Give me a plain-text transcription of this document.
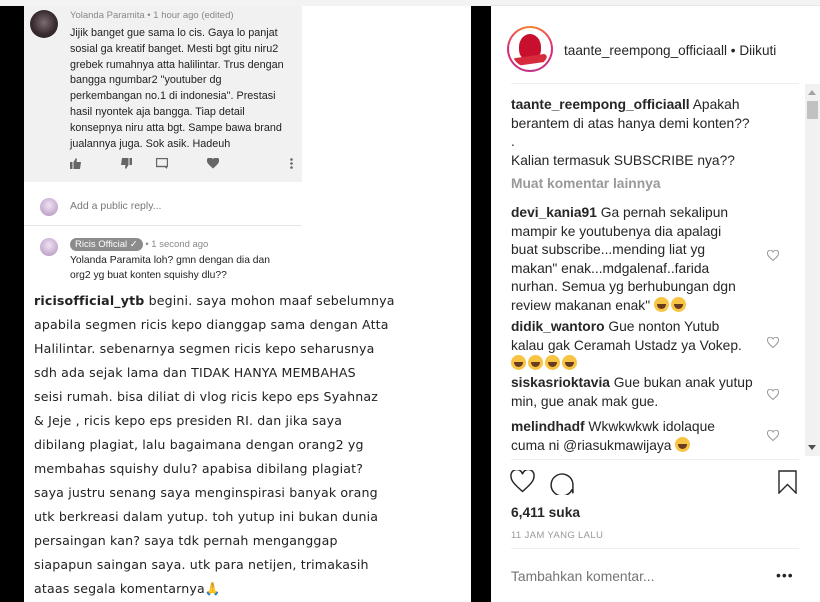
Yolanda Paramita • 1 hour ago (edited)
Jijik banget gue sama lo cis. Gaya lo panjat
sosial ga kreatif banget. Mesti bgt gitu niru2
grebek rumahnya atta halilintar. Trus dengan
bangga ngumbar2 "youtuber dg
perkembangan no.1 di indonesia". Prestasi
hasil nyontek aja bangga. Tiap detail
konsepnya niru atta bgt. Sampe bawa brand
jualannya juga. Sok asik. Hadeuh
Add a public reply...
Ricis Official ✓ • 1 second ago
Yolanda Paramita loh? gmn dengan dia dan
org2 yg buat konten squishy dlu??
ricisofficial_ytb begini. saya mohon maaf sebelumnya
apabila segmen ricis kepo dianggap sama dengan Atta
Halilintar. sebenarnya segmen ricis kepo seharusnya
sdh ada sejak lama dan TIDAK HANYA MEMBAHAS
seisi rumah. bisa diliat di vlog ricis kepo eps Syahnaz
& Jeje , ricis kepo eps presiden RI. dan jika saya
dibilang plagiat, lalu bagaimana dengan orang2 yg
membahas squishy dulu? apabisa dibilang plagiat?
saya justru senang saya menginspirasi banyak orang
utk berkreasi dalam yutup. toh yutup ini bukan dunia
persaingan kan? saya tdk pernah menganggap
siapapun saingan saya. utk para netijen, trimakasih
ataas segala komentarnya🙏
taante_reempong_officiaall • Diikuti
taante_reempong_officiaall Apakah
berantem di atas hanya demi konten??
.
Kalian termasuk SUBSCRIBE nya??
Muat komentar lainnya
devi_kania91 Ga pernah sekalipun
mampir ke youtubenya dia apalagi
buat subscribe...mending liat yg
makan" enak...mdgalenaf..farida
nurhan. Semua yg berhubungan dgn
review makanan enak"
didik_wantoro Gue nonton Yutub
kalau gak Ceramah Ustadz ya Vokep.
siskasrioktavia Gue bukan anak yutup
min, gue anak mak gue.
melindhadf Wkwkwkwk idolaque
cuma ni @riasukmawijaya
6,411 suka
11 JAM YANG LALU
Tambahkan komentar...
•••
